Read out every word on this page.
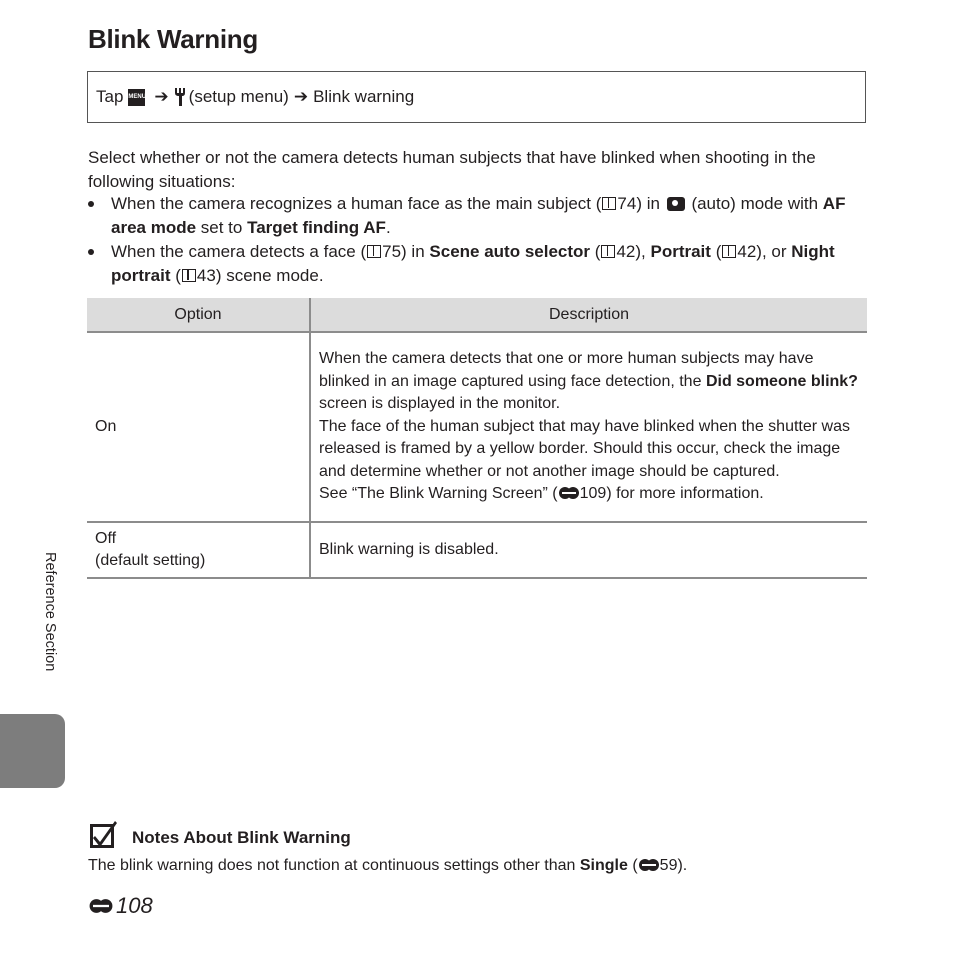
Blink Warning
Tap MENU ➔ (setup menu) ➔ Blink warning

Select whether or not the camera detects human subjects that have blinked when shooting in the following situations:

When the camera recognizes a human face as the main subject ( 74) in (auto) mode with AF area mode set to Target finding AF.
When the camera detects a face ( 75) in Scene auto selector ( 42), Portrait ( 42), or Night portrait ( 43) scene mode.
Option	Description
On	When the camera detects that one or more human subjects may have blinked in an image captured using face detection, the Did someone blink? screen is displayed in the monitor.
The face of the human subject that may have blinked when the shutter was released is framed by a yellow border. Should this occur, check the image and determine whether or not another image should be captured.
See “The Blink Warning Screen” ( 109) for more information.

Off
(default setting)	Blink warning is disabled.
Reference Section

Notes About Blink Warning

The blink warning does not function at continuous settings other than Single ( 59).

108
